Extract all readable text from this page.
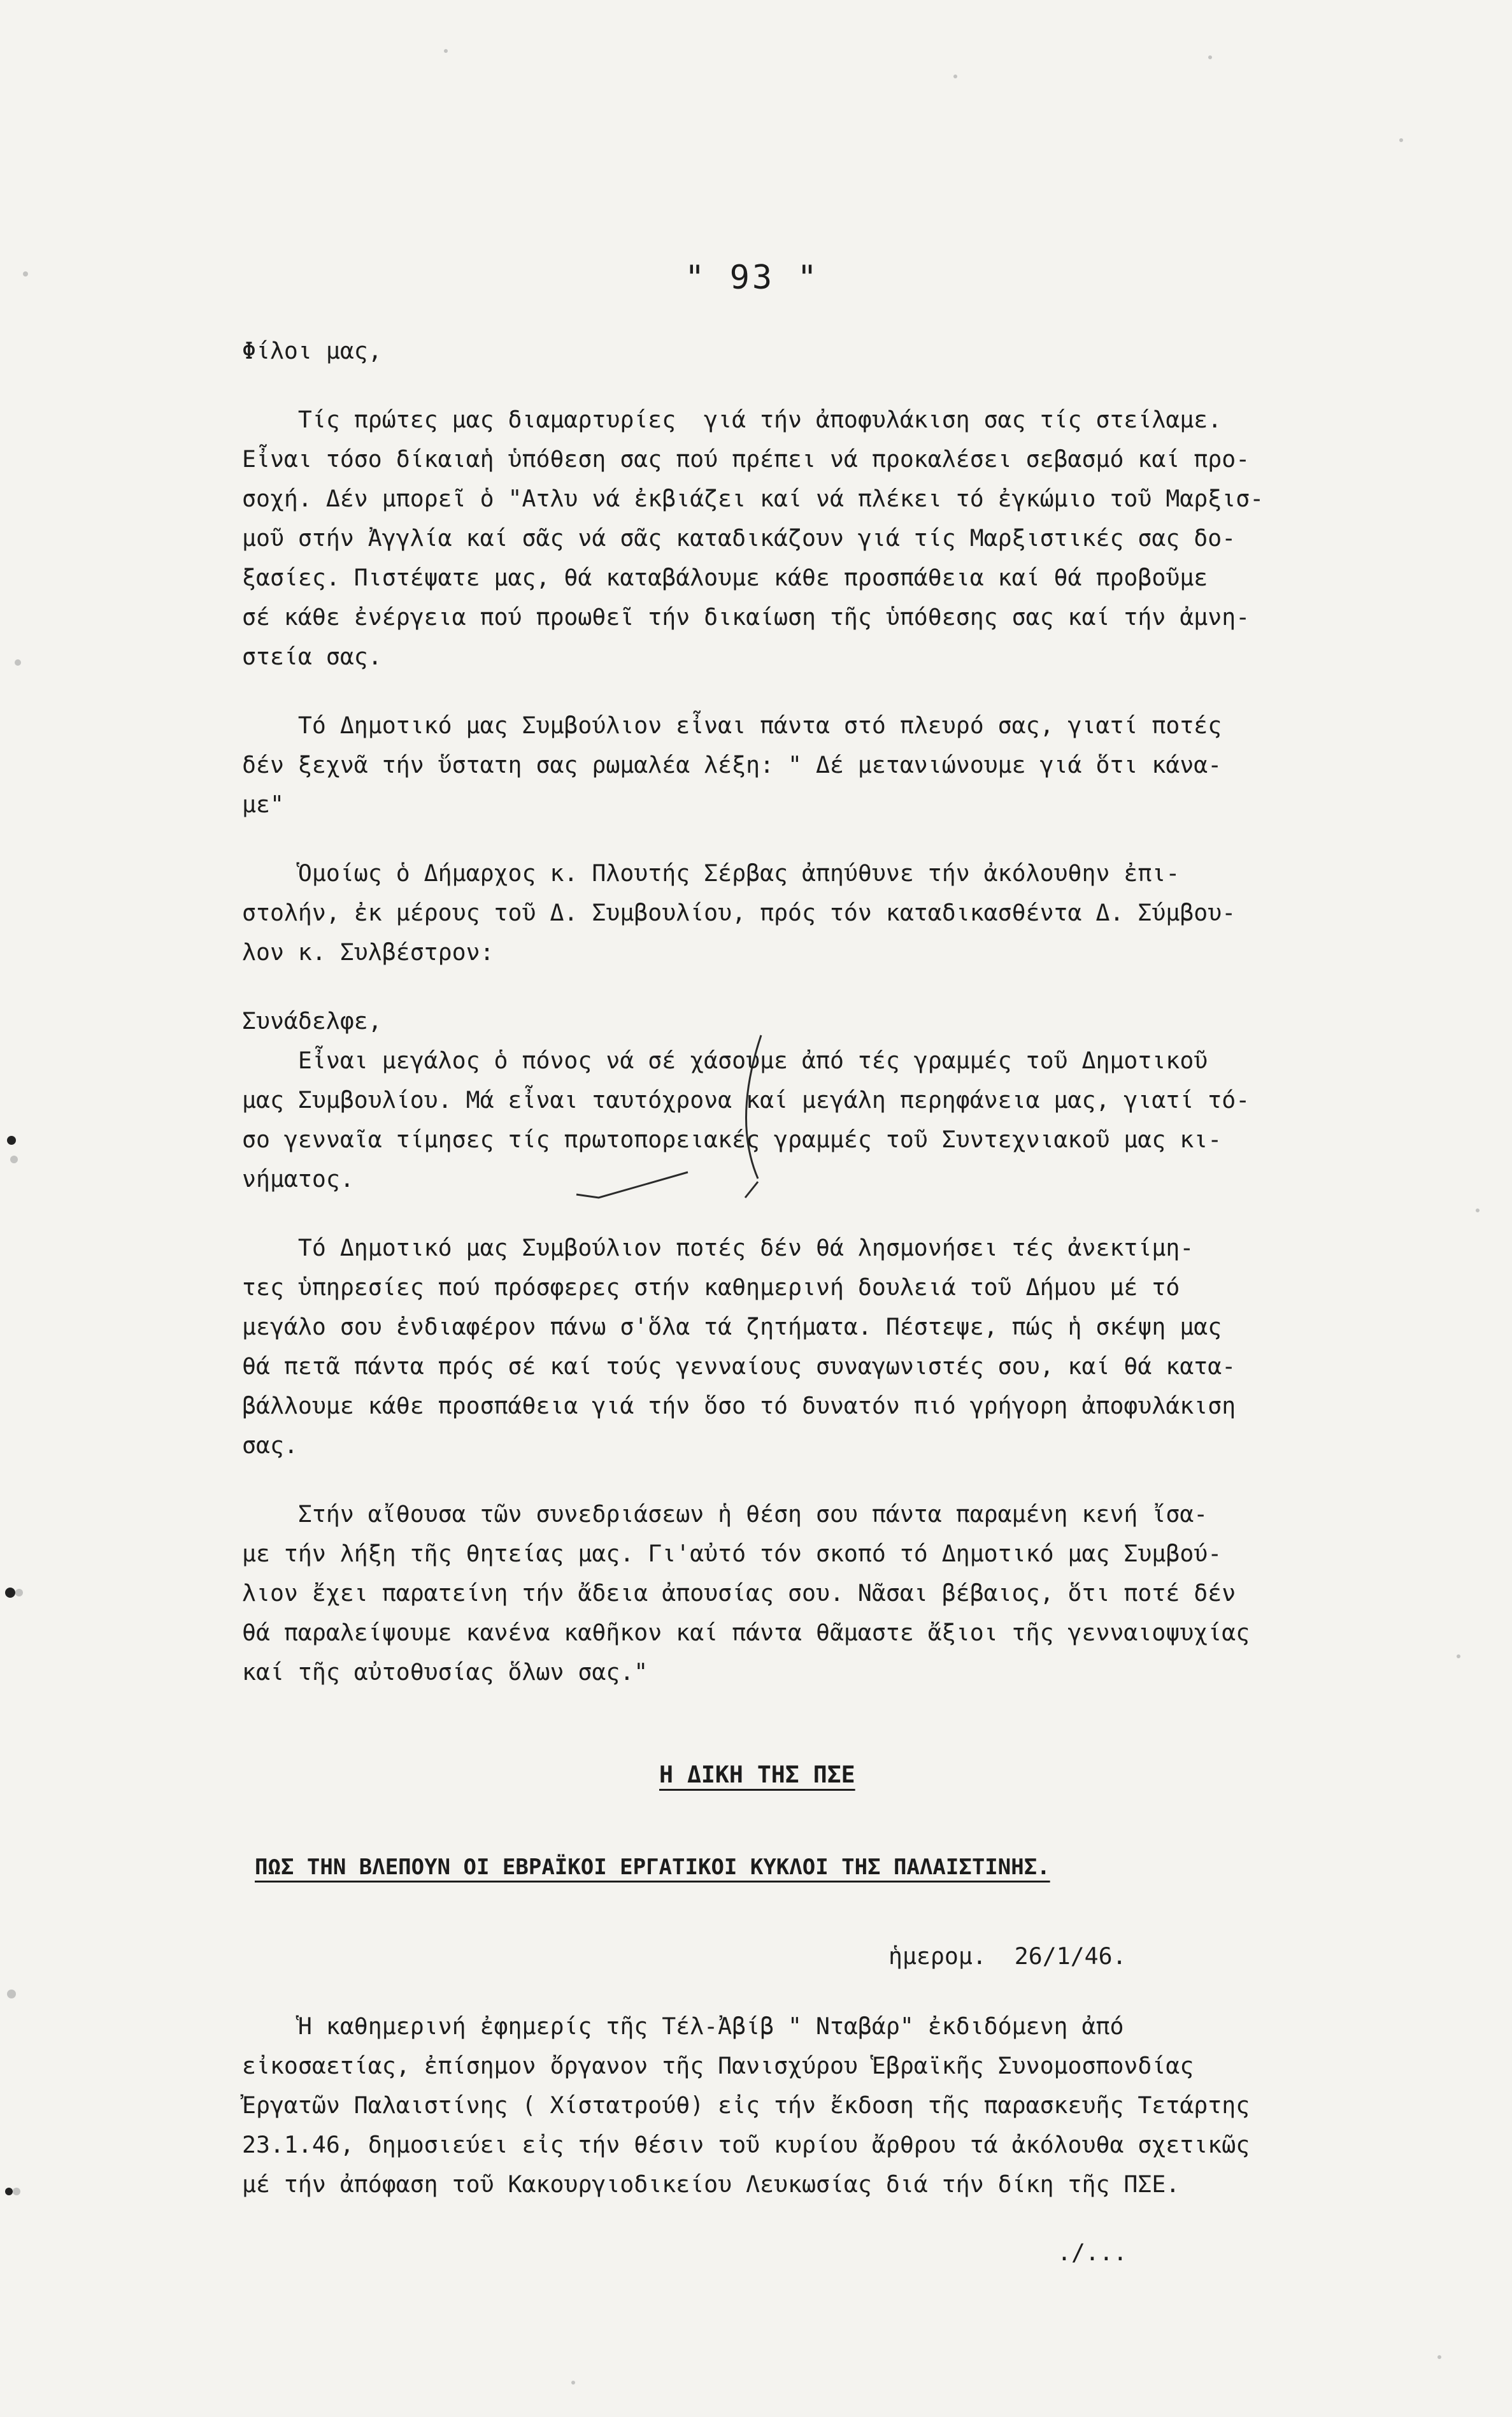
" 93 "
Φίλοι μας,
Τίς πρώτες μας διαμαρτυρίες  γιά τήν ἀποφυλάκιση σας τίς στείλαμε.
Εἶναι τόσο δίκαιαἡ ὑπόθεση σας πού πρέπει νά προκαλέσει σεβασμό καί προ-
σοχή. Δέν μπορεῖ ὁ "Ατλυ νά ἐκβιάζει καί νά πλέκει τό ἐγκώμιο τοῦ Μαρξισ-
μοῦ στήν Ἀγγλία καί σᾶς νά σᾶς καταδικάζουν γιά τίς Μαρξιστικές σας δο-
ξασίες. Πιστέψατε μας, θά καταβάλουμε κάθε προσπάθεια καί θά προβοῦμε
σέ κάθε ἐνέργεια πού προωθεῖ τήν δικαίωση τῆς ὑπόθεσης σας καί τήν ἀμνη-
στεία σας.
Τό Δημοτικό μας Συμβούλιον εἶναι πάντα στό πλευρό σας, γιατί ποτές
δέν ξεχνᾶ τήν ὕστατη σας ρωμαλέα λέξη: " Δέ μετανιώνουμε γιά ὅτι κάνα-
με"
Ὁμοίως ὁ Δήμαρχος κ. Πλουτής Σέρβας ἀπηύθυνε τήν ἀκόλουθην ἐπι-
στολήν, ἐκ μέρους τοῦ Δ. Συμβουλίου, πρός τόν καταδικασθέντα Δ. Σύμβου-
λον κ. Συλβέστρον:
Συνάδελφε,
Εἶναι μεγάλος ὁ πόνος νά σέ χάσουμε ἀπό τές γραμμές τοῦ Δημοτικοῦ
μας Συμβουλίου. Μά εἶναι ταυτόχρονα καί μεγάλη περηφάνεια μας, γιατί τό-
σο γενναῖα τίμησες τίς πρωτοπορειακές γραμμές τοῦ Συντεχνιακοῦ μας κι-
νήματος.
Τό Δημοτικό μας Συμβούλιον ποτές δέν θά λησμονήσει τές ἀνεκτίμη-
τες ὑπηρεσίες πού πρόσφερες στήν καθημερινή δουλειά τοῦ Δήμου μέ τό
μεγάλο σου ἐνδιαφέρον πάνω σ'ὅλα τά ζητήματα. Πέστεψε, πώς ἡ σκέψη μας
θά πετᾶ πάντα πρός σέ καί τούς γενναίους συναγωνιστές σου, καί θά κατα-
βάλλουμε κάθε προσπάθεια γιά τήν ὅσο τό δυνατόν πιό γρήγορη ἀποφυλάκιση
σας.
Στήν αἴθουσα τῶν συνεδριάσεων ἡ θέση σου πάντα παραμένη κενή ἴσα-
με τήν λήξη τῆς θητείας μας. Γι'αὐτό τόν σκοπό τό Δημοτικό μας Συμβού-
λιον ἔχει παρατείνη τήν ἄδεια ἀπουσίας σου. Νᾶσαι βέβαιος, ὅτι ποτέ δέν
θά παραλείψουμε κανένα καθῆκον καί πάντα θᾶμαστε ἄξιοι τῆς γενναιοψυχίας
καί τῆς αὐτοθυσίας ὅλων σας."
Η ΔΙΚΗ ΤΗΣ ΠΣΕ
ΠΩΣ ΤΗΝ ΒΛΕΠΟΥΝ ΟΙ ΕΒΡΑΪΚΟΙ ΕΡΓΑΤΙΚΟΙ ΚΥΚΛΟΙ ΤΗΣ ΠΑΛΑΙΣΤΙΝΗΣ.
ἡμερομ.  26/1/46.
Ἡ καθημερινή ἐφημερίς τῆς Τέλ-Ἀβίβ " Νταβάρ" ἐκδιδόμενη ἀπό
εἰκοσαετίας, ἐπίσημον ὄργανον τῆς Πανισχύρου Ἑβραϊκῆς Συνομοσπονδίας
Ἐργατῶν Παλαιστίνης ( Χίστατρούθ) εἰς τήν ἔκδοση τῆς παρασκευῆς Τετάρτης
23.1.46, δημοσιεύει εἰς τήν θέσιν τοῦ κυρίου ἄρθρου τά ἀκόλουθα σχετικῶς
μέ τήν ἀπόφαση τοῦ Κακουργιοδικείου Λευκωσίας διά τήν δίκη τῆς ΠΣΕ.
./...
